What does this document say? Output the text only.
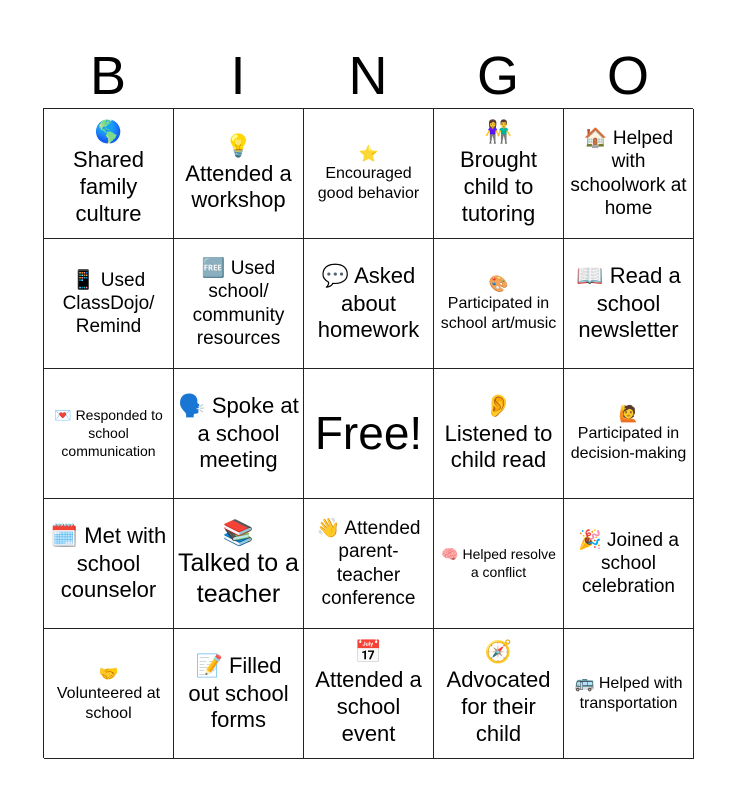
B	I	N	G	O
🌎
Shared family culture
💡
Attended a workshop
⭐
Encouraged good behavior
👫
Brought child to tutoring
🏠 Helped with schoolwork at home
📱 Used ClassDojo/ Remind
🆓 Used school/ community resources
💬 Asked about homework
🎨
Participated in school art/music
📖 Read a school newsletter
💌 Responded to school communication
🗣️ Spoke at a school meeting
Free!
👂
Listened to child read
🙋
Participated in decision-making
🗓️ Met with school counselor
📚
Talked to a teacher
👋 Attended parent-teacher conference
🧠 Helped resolve a conflict
🎉 Joined a school celebration
🤝
Volunteered at school
📝 Filled out school forms
📅
Attended a school event
🧭
Advocated for their child
🚌 Helped with transportation
